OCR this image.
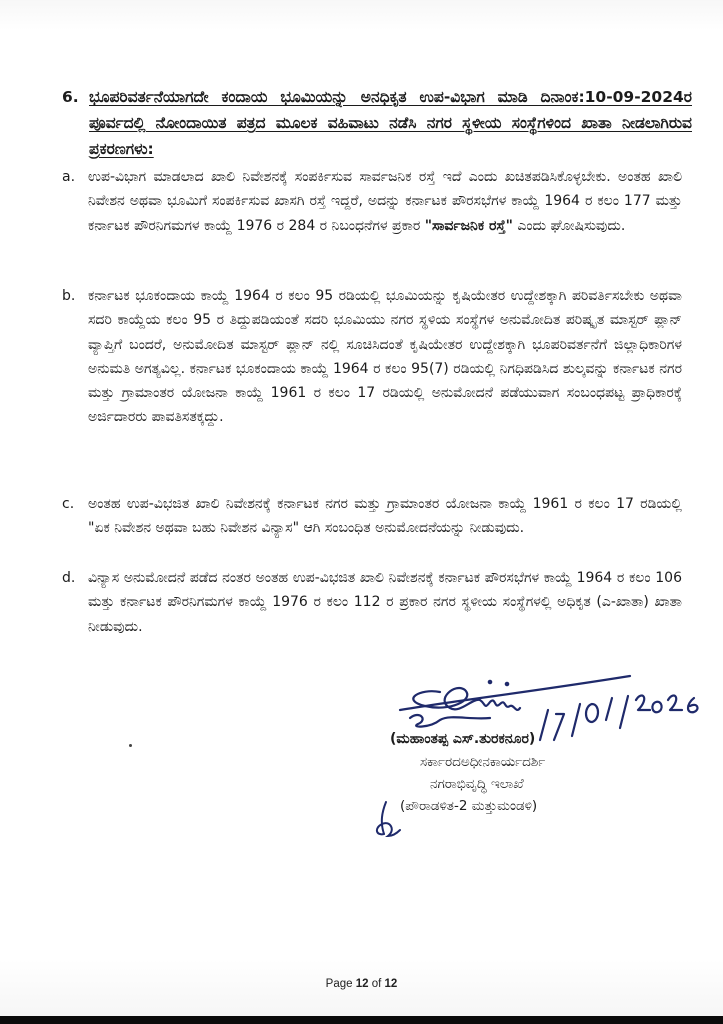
6. ಭೂಪರಿವರ್ತನೆಯಾಗದೇ ಕಂದಾಯ ಭೂಮಿಯನ್ನು ಅನಧಿಕೃತ ಉಪ-ವಿಭಾಗ ಮಾಡಿ ದಿನಾಂಕ:10-09-2024ರ ಪೂರ್ವದಲ್ಲಿ ನೋಂದಾಯಿತ ಪತ್ರದ ಮೂಲಕ ವಹಿವಾಟು ನಡೆಸಿ ನಗರ ಸ್ಥಳೀಯ ಸಂಸ್ಥೆಗಳಿಂದ ಖಾತಾ ನೀಡಲಾಗಿರುವ ಪ್ರಕರಣಗಳು:
a. ಉಪ-ವಿಭಾಗ ಮಾಡಲಾದ ಖಾಲಿ ನಿವೇಶನಕ್ಕೆ ಸಂಪರ್ಕಿಸುವ ಸಾರ್ವಜನಿಕ ರಸ್ತೆ ಇದೆ ಎಂದು ಖಚಿತಪಡಿಸಿಕೊಳ್ಳಬೇಕು. ಅಂತಹ ಖಾಲಿ ನಿವೇಶನ ಅಥವಾ ಭೂಮಿಗೆ ಸಂಪರ್ಕಿಸುವ ಖಾಸಗಿ ರಸ್ತೆ ಇದ್ದರೆ, ಅದನ್ನು ಕರ್ನಾಟಕ ಪೌರಸಭೆಗಳ ಕಾಯ್ದೆ 1964 ರ ಕಲಂ 177 ಮತ್ತು ಕರ್ನಾಟಕ ಪೌರನಿಗಮಗಳ ಕಾಯ್ದೆ 1976 ರ 284 ರ ನಿಬಂಧನೆಗಳ ಪ್ರಕಾರ "ಸಾರ್ವಜನಿಕ ರಸ್ತೆ" ಎಂದು ಘೋಷಿಸುವುದು.
b. ಕರ್ನಾಟಕ ಭೂಕಂದಾಯ ಕಾಯ್ದೆ 1964 ರ ಕಲಂ 95 ರಡಿಯಲ್ಲಿ ಭೂಮಿಯನ್ನು ಕೃಷಿಯೇತರ ಉದ್ದೇಶಕ್ಕಾಗಿ ಪರಿವರ್ತಿಸಬೇಕು ಅಥವಾ ಸದರಿ ಕಾಯ್ದೆಯ ಕಲಂ 95 ರ ತಿದ್ದುಪಡಿಯಂತೆ ಸದರಿ ಭೂಮಿಯು ನಗರ ಸ್ಥಳಿಯ ಸಂಸ್ಥೆಗಳ ಅನುಮೋದಿತ ಪರಿಷ್ಕೃತ ಮಾಸ್ಟರ್ ಪ್ಲಾನ್ ವ್ಯಾಪ್ತಿಗೆ ಬಂದರೆ, ಅನುಮೋದಿತ ಮಾಸ್ಟರ್ ಪ್ಲಾನ್ ನಲ್ಲಿ ಸೂಚಿಸಿದಂತೆ ಕೃಷಿಯೇತರ ಉದ್ದೇಶಕ್ಕಾಗಿ ಭೂಪರಿವರ್ತನೆಗೆ ಜಿಲ್ಲಾಧಿಕಾರಿಗಳ ಅನುಮತಿ ಅಗತ್ಯವಿಲ್ಲ. ಕರ್ನಾಟಕ ಭೂಕಂದಾಯ ಕಾಯ್ದೆ 1964 ರ ಕಲಂ 95(7) ರಡಿಯಲ್ಲಿ ನಿಗಧಿಪಡಿಸಿದ ಶುಲ್ಕವನ್ನು ಕರ್ನಾಟಕ ನಗರ ಮತ್ತು ಗ್ರಾಮಾಂತರ ಯೋಜನಾ ಕಾಯ್ದೆ 1961 ರ ಕಲಂ 17 ರಡಿಯಲ್ಲಿ ಅನುಮೋದನೆ ಪಡೆಯುವಾಗ ಸಂಬಂಧಪಟ್ಟ ಪ್ರಾಧಿಕಾರಕ್ಕೆ ಅರ್ಜಿದಾರರು ಪಾವತಿಸತಕ್ಕದ್ದು.
c. ಅಂತಹ ಉಪ-ವಿಭಜಿತ ಖಾಲಿ ನಿವೇಶನಕ್ಕೆ ಕರ್ನಾಟಕ ನಗರ ಮತ್ತು ಗ್ರಾಮಾಂತರ ಯೋಜನಾ ಕಾಯ್ದೆ 1961 ರ ಕಲಂ 17 ರಡಿಯಲ್ಲಿ "ಏಕ ನಿವೇಶನ ಅಥವಾ ಬಹು ನಿವೇಶನ ವಿನ್ಯಾಸ" ಆಗಿ ಸಂಬಂಧಿತ ಅನುಮೋದನೆಯನ್ನು ನೀಡುವುದು.
d. ವಿನ್ಯಾಸ ಅನುಮೋದನೆ ಪಡೆದ ನಂತರ ಅಂತಹ ಉಪ-ವಿಭಜಿತ ಖಾಲಿ ನಿವೇಶನಕ್ಕೆ ಕರ್ನಾಟಕ ಪೌರಸಭೆಗಳ ಕಾಯ್ದೆ 1964 ರ ಕಲಂ 106 ಮತ್ತು ಕರ್ನಾಟಕ ಪೌರನಿಗಮಗಳ ಕಾಯ್ದೆ 1976 ರ ಕಲಂ 112 ರ ಪ್ರಕಾರ ನಗರ ಸ್ಥಳೀಯ ಸಂಸ್ಥೆಗಳಲ್ಲಿ ಅಧಿಕೃತ (ಎ-ಖಾತಾ) ಖಾತಾ ನೀಡುವುದು.
(ಮಹಾಂತಪ್ಪ ಎಸ್.ತುರಕನೂರ)
ಸರ್ಕಾರದಅಧೀನಕಾರ್ಯದರ್ಶಿ
ನಗರಾಭಿವೃದ್ಧಿ ಇಲಾಖೆ
(ಪೌರಾಡಳಿತ-2 ಮತ್ತುಮಂಡಳಿ)
Page 12 of 12
